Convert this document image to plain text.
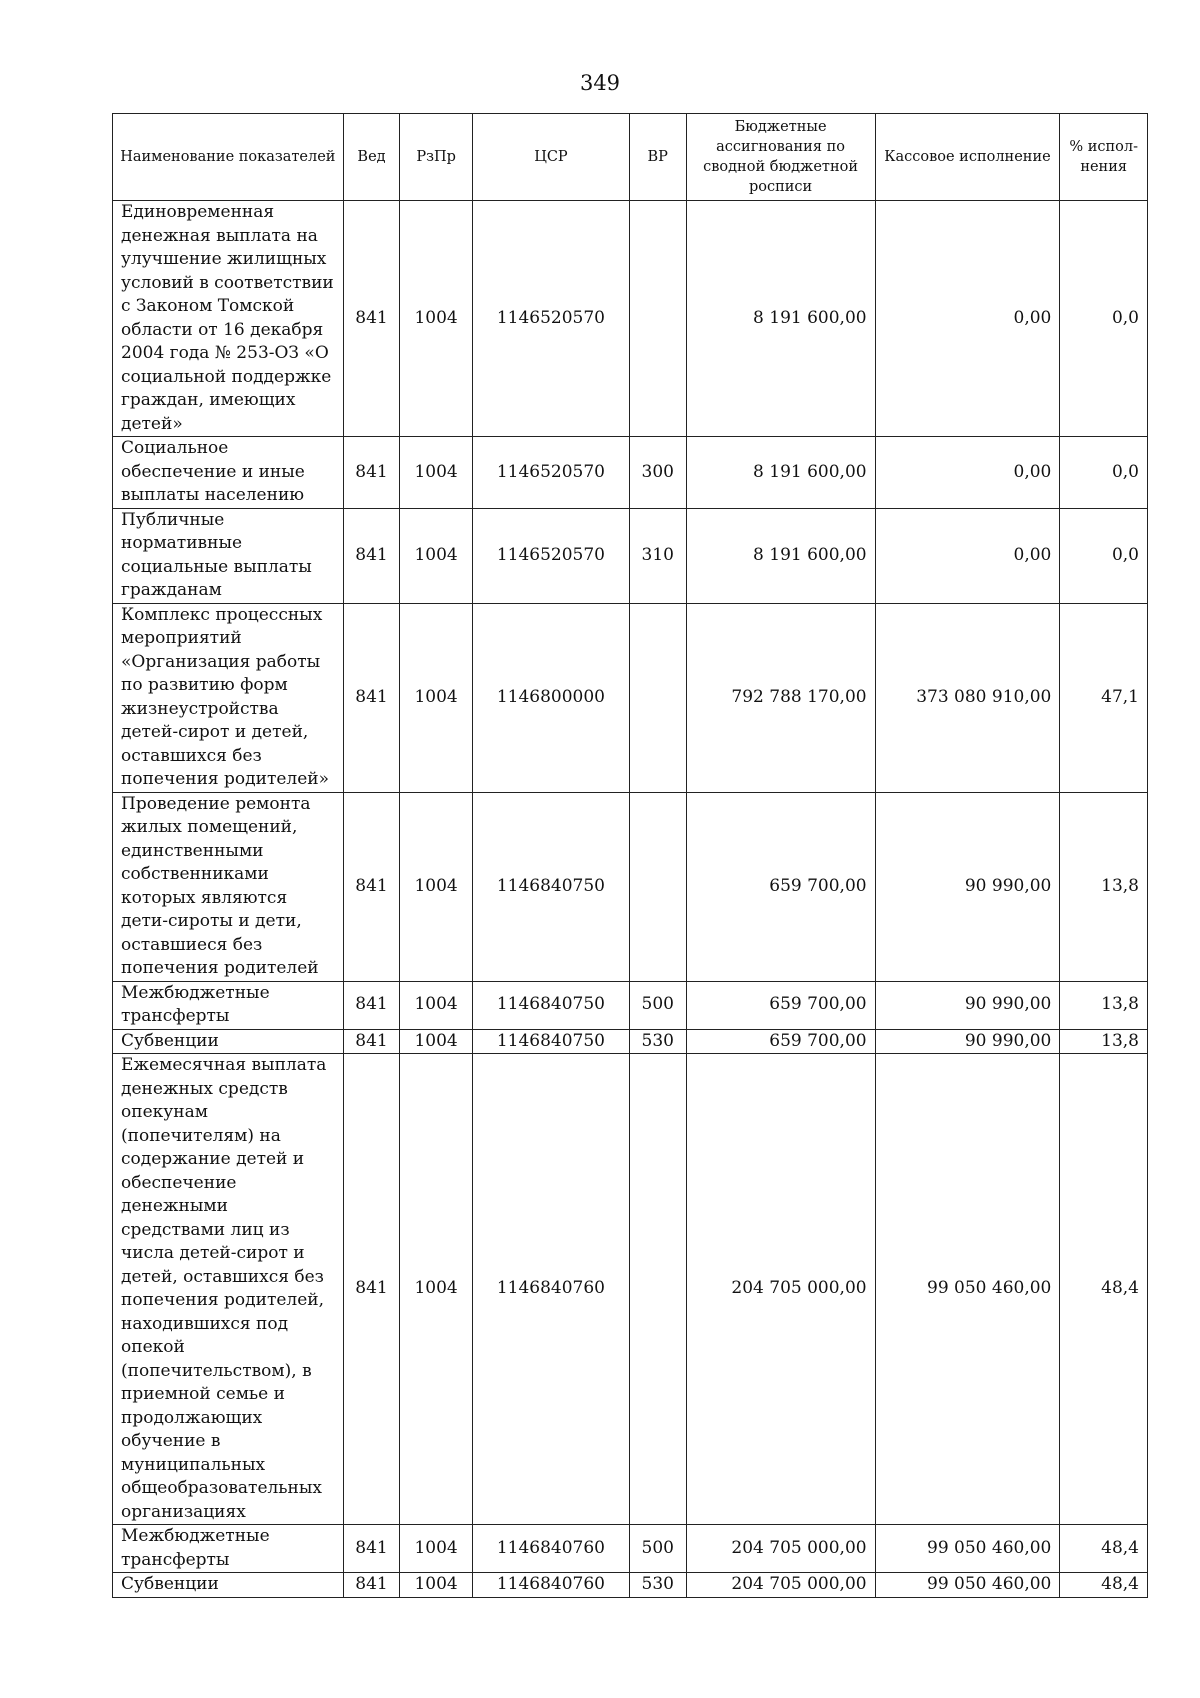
349
Наименование показателей	Вед	РзПр	ЦСР	ВР	Бюджетные ассигнования по сводной бюджетной росписи	Кассовое исполнение	% испол-нения
Единовременная денежная выплата на улучшение жилищных условий в соответствии с Законом Томской области от 16 декабря 2004 года № 253-ОЗ «О социальной поддержке граждан, имеющих детей»	841	1004	1146520570		8 191 600,00	0,00	0,0
Социальное обеспечение и иные выплаты населению	841	1004	1146520570	300	8 191 600,00	0,00	0,0
Публичные нормативные социальные выплаты гражданам	841	1004	1146520570	310	8 191 600,00	0,00	0,0
Комплекс процессных мероприятий «Организация работы по развитию форм жизнеустройства детей-сирот и детей, оставшихся без попечения родителей»	841	1004	1146800000		792 788 170,00	373 080 910,00	47,1
Проведение ремонта жилых помещений, единственными собственниками которых являются дети-сироты и дети, оставшиеся без попечения родителей	841	1004	1146840750		659 700,00	90 990,00	13,8
Межбюджетные трансферты	841	1004	1146840750	500	659 700,00	90 990,00	13,8
Субвенции	841	1004	1146840750	530	659 700,00	90 990,00	13,8
Ежемесячная выплата денежных средств опекунам (попечителям) на содержание детей и обеспечение денежными средствами лиц из числа детей-сирот и детей, оставшихся без попечения родителей, находившихся под опекой (попечительством), в приемной семье и продолжающих обучение в муниципальных общеобразовательных организациях	841	1004	1146840760		204 705 000,00	99 050 460,00	48,4
Межбюджетные трансферты	841	1004	1146840760	500	204 705 000,00	99 050 460,00	48,4
Субвенции	841	1004	1146840760	530	204 705 000,00	99 050 460,00	48,4
